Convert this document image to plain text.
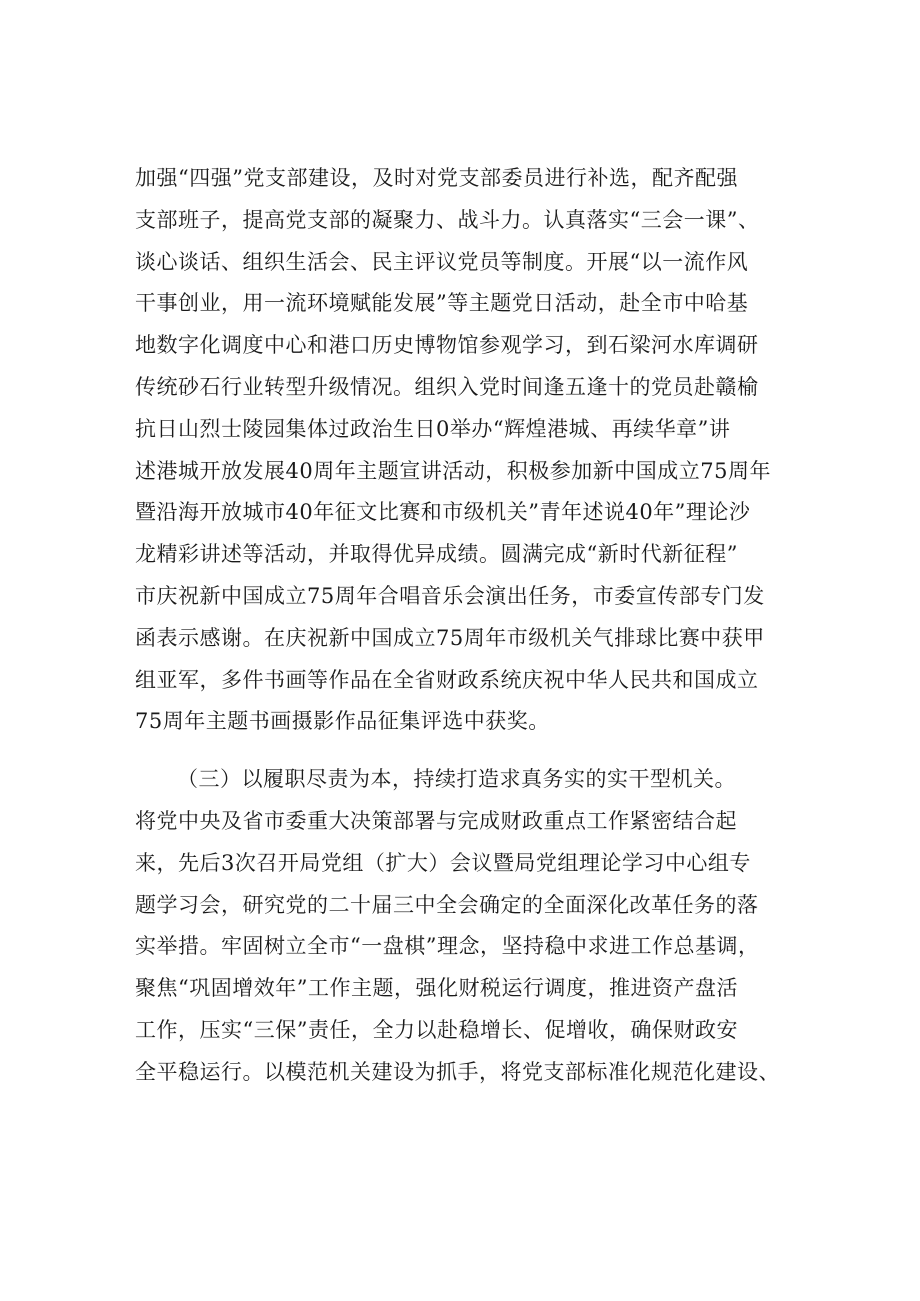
加强“四强”党支部建设，及时对党支部委员进行补选，配齐配强
支部班子，提高党支部的凝聚力、战斗力。认真落实“三会一课”、
谈心谈话、组织生活会、民主评议党员等制度。开展“以一流作风
干事创业，用一流环境赋能发展”等主题党日活动，赴全市中哈基
地数字化调度中心和港口历史博物馆参观学习，到石梁河水库调研
传统砂石行业转型升级情况。组织入党时间逢五逢十的党员赴赣榆
抗日山烈士陵园集体过政治生日0举办“辉煌港城、再续华章”讲
述港城开放发展40周年主题宣讲活动，积极参加新中国成立75周年
暨沿海开放城市40年征文比赛和市级机关”青年述说40年”理论沙
龙精彩讲述等活动，并取得优异成绩。圆满完成“新时代新征程”
市庆祝新中国成立75周年合唱音乐会演出任务，市委宣传部专门发
函表示感谢。在庆祝新中国成立75周年市级机关气排球比赛中获甲
组亚军，多件书画等作品在全省财政系统庆祝中华人民共和国成立
75周年主题书画摄影作品征集评选中获奖。
（三）以履职尽责为本，持续打造求真务实的实干型机关。
将党中央及省市委重大决策部署与完成财政重点工作紧密结合起
来，先后3次召开局党组（扩大）会议暨局党组理论学习中心组专
题学习会，研究党的二十届三中全会确定的全面深化改革任务的落
实举措。牢固树立全市“一盘棋”理念，坚持稳中求进工作总基调，
聚焦“巩固增效年”工作主题，强化财税运行调度，推进资产盘活
工作，压实“三保”责任，全力以赴稳增长、促增收，确保财政安
全平稳运行。以模范机关建设为抓手，将党支部标准化规范化建设、
